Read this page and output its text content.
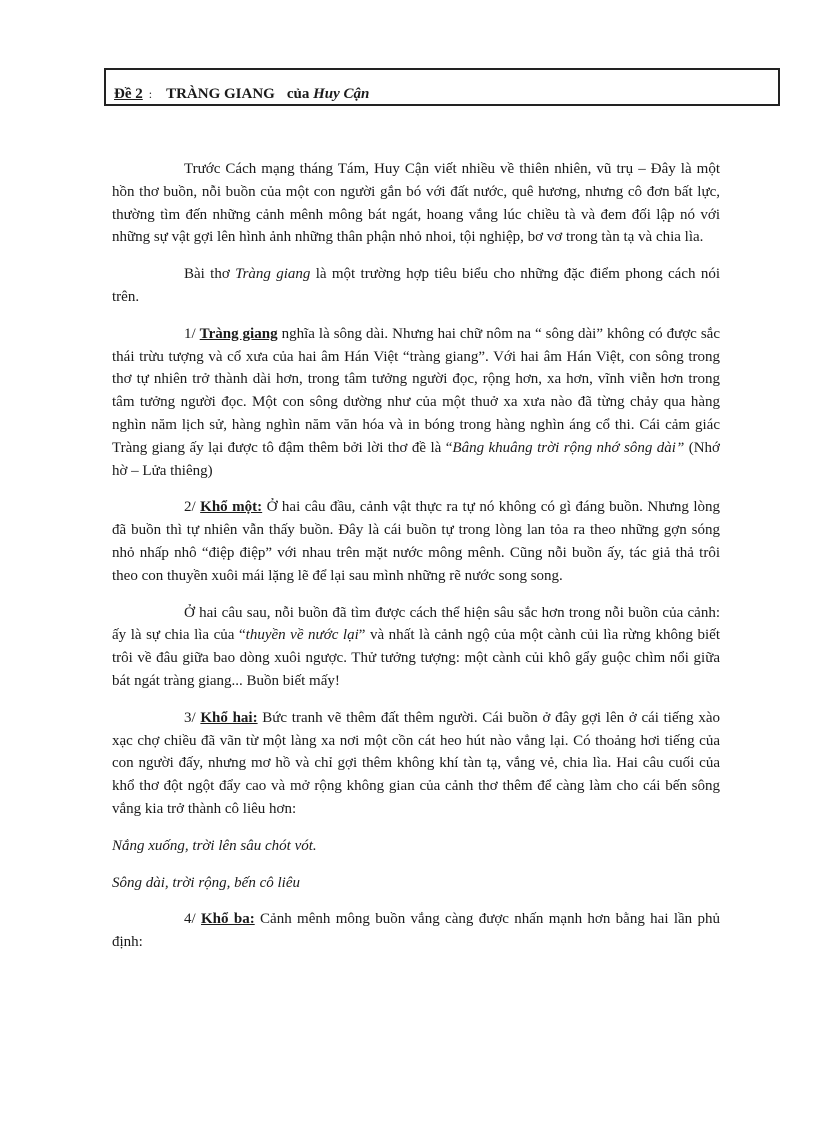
Đề 2 : TRÀNG GIANG của Huy Cận

Trước Cách mạng tháng Tám, Huy Cận viết nhiều về thiên nhiên, vũ trụ – Đây là một hồn thơ buồn, nỗi buồn của một con người gắn bó với đất nước, quê hương, nhưng cô đơn bất lực, thường tìm đến những cảnh mênh mông bát ngát, hoang vắng lúc chiều tà và đem đối lập nó với những sự vật gợi lên hình ảnh những thân phận nhỏ nhoi, tội nghiệp, bơ vơ trong tàn tạ và chia lìa.

Bài thơ Tràng giang là một trường hợp tiêu biểu cho những đặc điểm phong cách nói trên.

1/ Tràng giang nghĩa là sông dài. Nhưng hai chữ nôm na “ sông dài” không có được sắc thái trừu tượng và cổ xưa của hai âm Hán Việt “tràng giang”. Với hai âm Hán Việt, con sông trong thơ tự nhiên trở thành dài hơn, trong tâm tưởng người đọc, rộng hơn, xa hơn, vĩnh viễn hơn trong tâm tưởng người đọc. Một con sông dường như của một thuở xa xưa nào đã từng chảy qua hàng nghìn năm lịch sử, hàng nghìn năm văn hóa và in bóng trong hàng nghìn áng cổ thi. Cái cảm giác Tràng giang ấy lại được tô đậm thêm bởi lời thơ đề là “Bâng khuâng trời rộng nhớ sông dài” (Nhớ hờ – Lửa thiêng)

2/ Khổ một: Ở hai câu đầu, cảnh vật thực ra tự nó không có gì đáng buồn. Nhưng lòng đã buồn thì tự nhiên vẫn thấy buồn. Đây là cái buồn tự trong lòng lan tỏa ra theo những gợn sóng nhỏ nhấp nhô “điệp điệp” với nhau trên mặt nước mông mênh. Cũng nỗi buồn ấy, tác giả thả trôi theo con thuyền xuôi mái lặng lẽ để lại sau mình những rẽ nước song song.

Ở hai câu sau, nỗi buồn đã tìm được cách thể hiện sâu sắc hơn trong nỗi buồn của cảnh: ấy là sự chia lìa của “thuyền về nước lại” và nhất là cảnh ngộ của một cành củi lìa rừng không biết trôi về đâu giữa bao dòng xuôi ngược. Thử tưởng tượng: một cành củi khô gẩy guộc chìm nổi giữa bát ngát tràng giang... Buồn biết mấy!

3/ Khổ hai: Bức tranh vẽ thêm đất thêm người. Cái buồn ở đây gợi lên ở cái tiếng xào xạc chợ chiều đã vãn từ một làng xa nơi một cồn cát heo hút nào vẳng lại. Có thoảng hơi tiếng của con người đấy, nhưng mơ hồ và chỉ gợi thêm không khí tàn tạ, vắng vẻ, chia lìa. Hai câu cuối của khổ thơ đột ngột đẩy cao và mở rộng không gian của cảnh thơ thêm để càng làm cho cái bến sông vắng kia trở thành cô liêu hơn:

Nắng xuống, trời lên sâu chót vót.

Sông dài, trời rộng, bến cô liêu

4/ Khổ ba: Cảnh mênh mông buồn vắng càng được nhấn mạnh hơn bằng hai lần phủ định:
